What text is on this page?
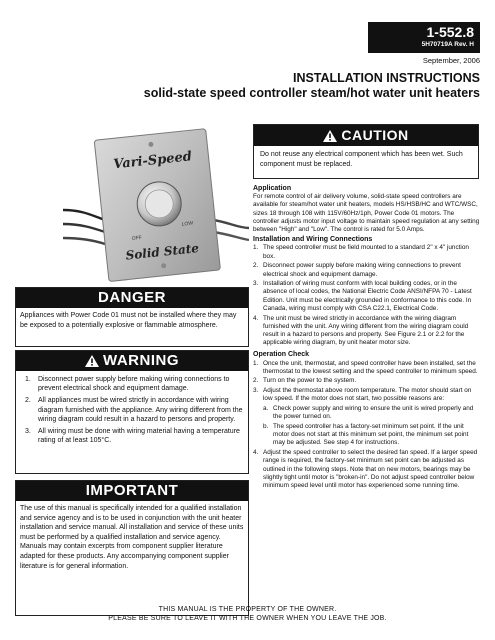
1-552.8
5H70719A Rev. H
September, 2006
INSTALLATION INSTRUCTIONS
solid-state speed controller steam/hot water unit heaters
Vari-Speed
OFF
LOW
Solid State
CAUTION
Do not reuse any electrical component which has been wet. Such component must be replaced.
DANGER
Appliances with Power Code 01 must not be installed where they may be exposed to a potentially explosive or flammable atmosphere.
WARNING
1.	Disconnect power supply before making wiring connections to prevent electrical shock and equipment damage.
2.	All appliances must be wired strictly in accordance with wiring diagram furnished with the appliance. Any wiring different from the wiring diagram could result in a hazard to persons and property.
3.	All wiring must be done with wiring material having a temperature rating of at least 105°C.
IMPORTANT
The use of this manual is specifically intended for a qualified installation and service agency and is to be used in conjunction with the unit heater installation and service manual. All installation and service of these units must be performed by a qualified installation and service agency. Manuals may contain excerpts from component supplier literature adapted for these products. Any accompanying component supplier literature is for general information.

Application

For remote control of air delivery volume, solid-state speed controllers are available for steam/hot water unit heaters, models HS/HSB/HC and WTC/WSC, sizes 18 through 108 with 115V/60Hz/1ph, Power Code 01 motors. The controller adjusts motor input voltage to maintain speed regulation at any setting between "High" and "Low". The control is rated for 5.0 Amps.

Installation and Wiring Connections

1. The speed controller must be field mounted to a standard 2" x 4" junction box.
2. Disconnect power supply before making wiring connections to prevent electrical shock and equipment damage.
3. Installation of wiring must conform with local building codes, or in the absence of local codes, the National Electric Code ANSI/NFPA 70 - Latest Edition. Unit must be electrically grounded in conformance to this code. In Canada, wiring must comply with CSA C22.1, Electrical Code.
4. The unit must be wired strictly in accordance with the wiring diagram furnished with the unit. Any wiring different from the wiring diagram could result in a hazard to persons and property. See Figure 2.1 or 2.2 for the applicable wiring diagram, by unit heater motor size.

Operation Check

1. Once the unit, thermostat, and speed controller have been installed, set the thermostat to the lowest setting and the speed controller to minimum speed.
2. Turn on the power to the system.
3. Adjust the thermostat above room temperature. The motor should start on low speed. If the motor does not start, two possible reasons are:
a. Check power supply and wiring to ensure the unit is wired properly and the power turned on.
b. The speed controller has a factory-set minimum set point. If the unit motor does not start at this minimum set point, the minimum set point may be adjusted. See step 4 for instructions.
4. Adjust the speed controller to select the desired fan speed. If a larger speed range is required, the factory-set minimum set point can be adjusted as outlined in the following steps. Note that on new motors, bearings may be slightly tight until motor is "broken-in". Do not adjust speed controller below minimum speed level until motor has experienced some running time.
THIS MANUAL IS THE PROPERTY OF THE OWNER.
PLEASE BE SURE TO LEAVE IT WITH THE OWNER WHEN YOU LEAVE THE JOB.
